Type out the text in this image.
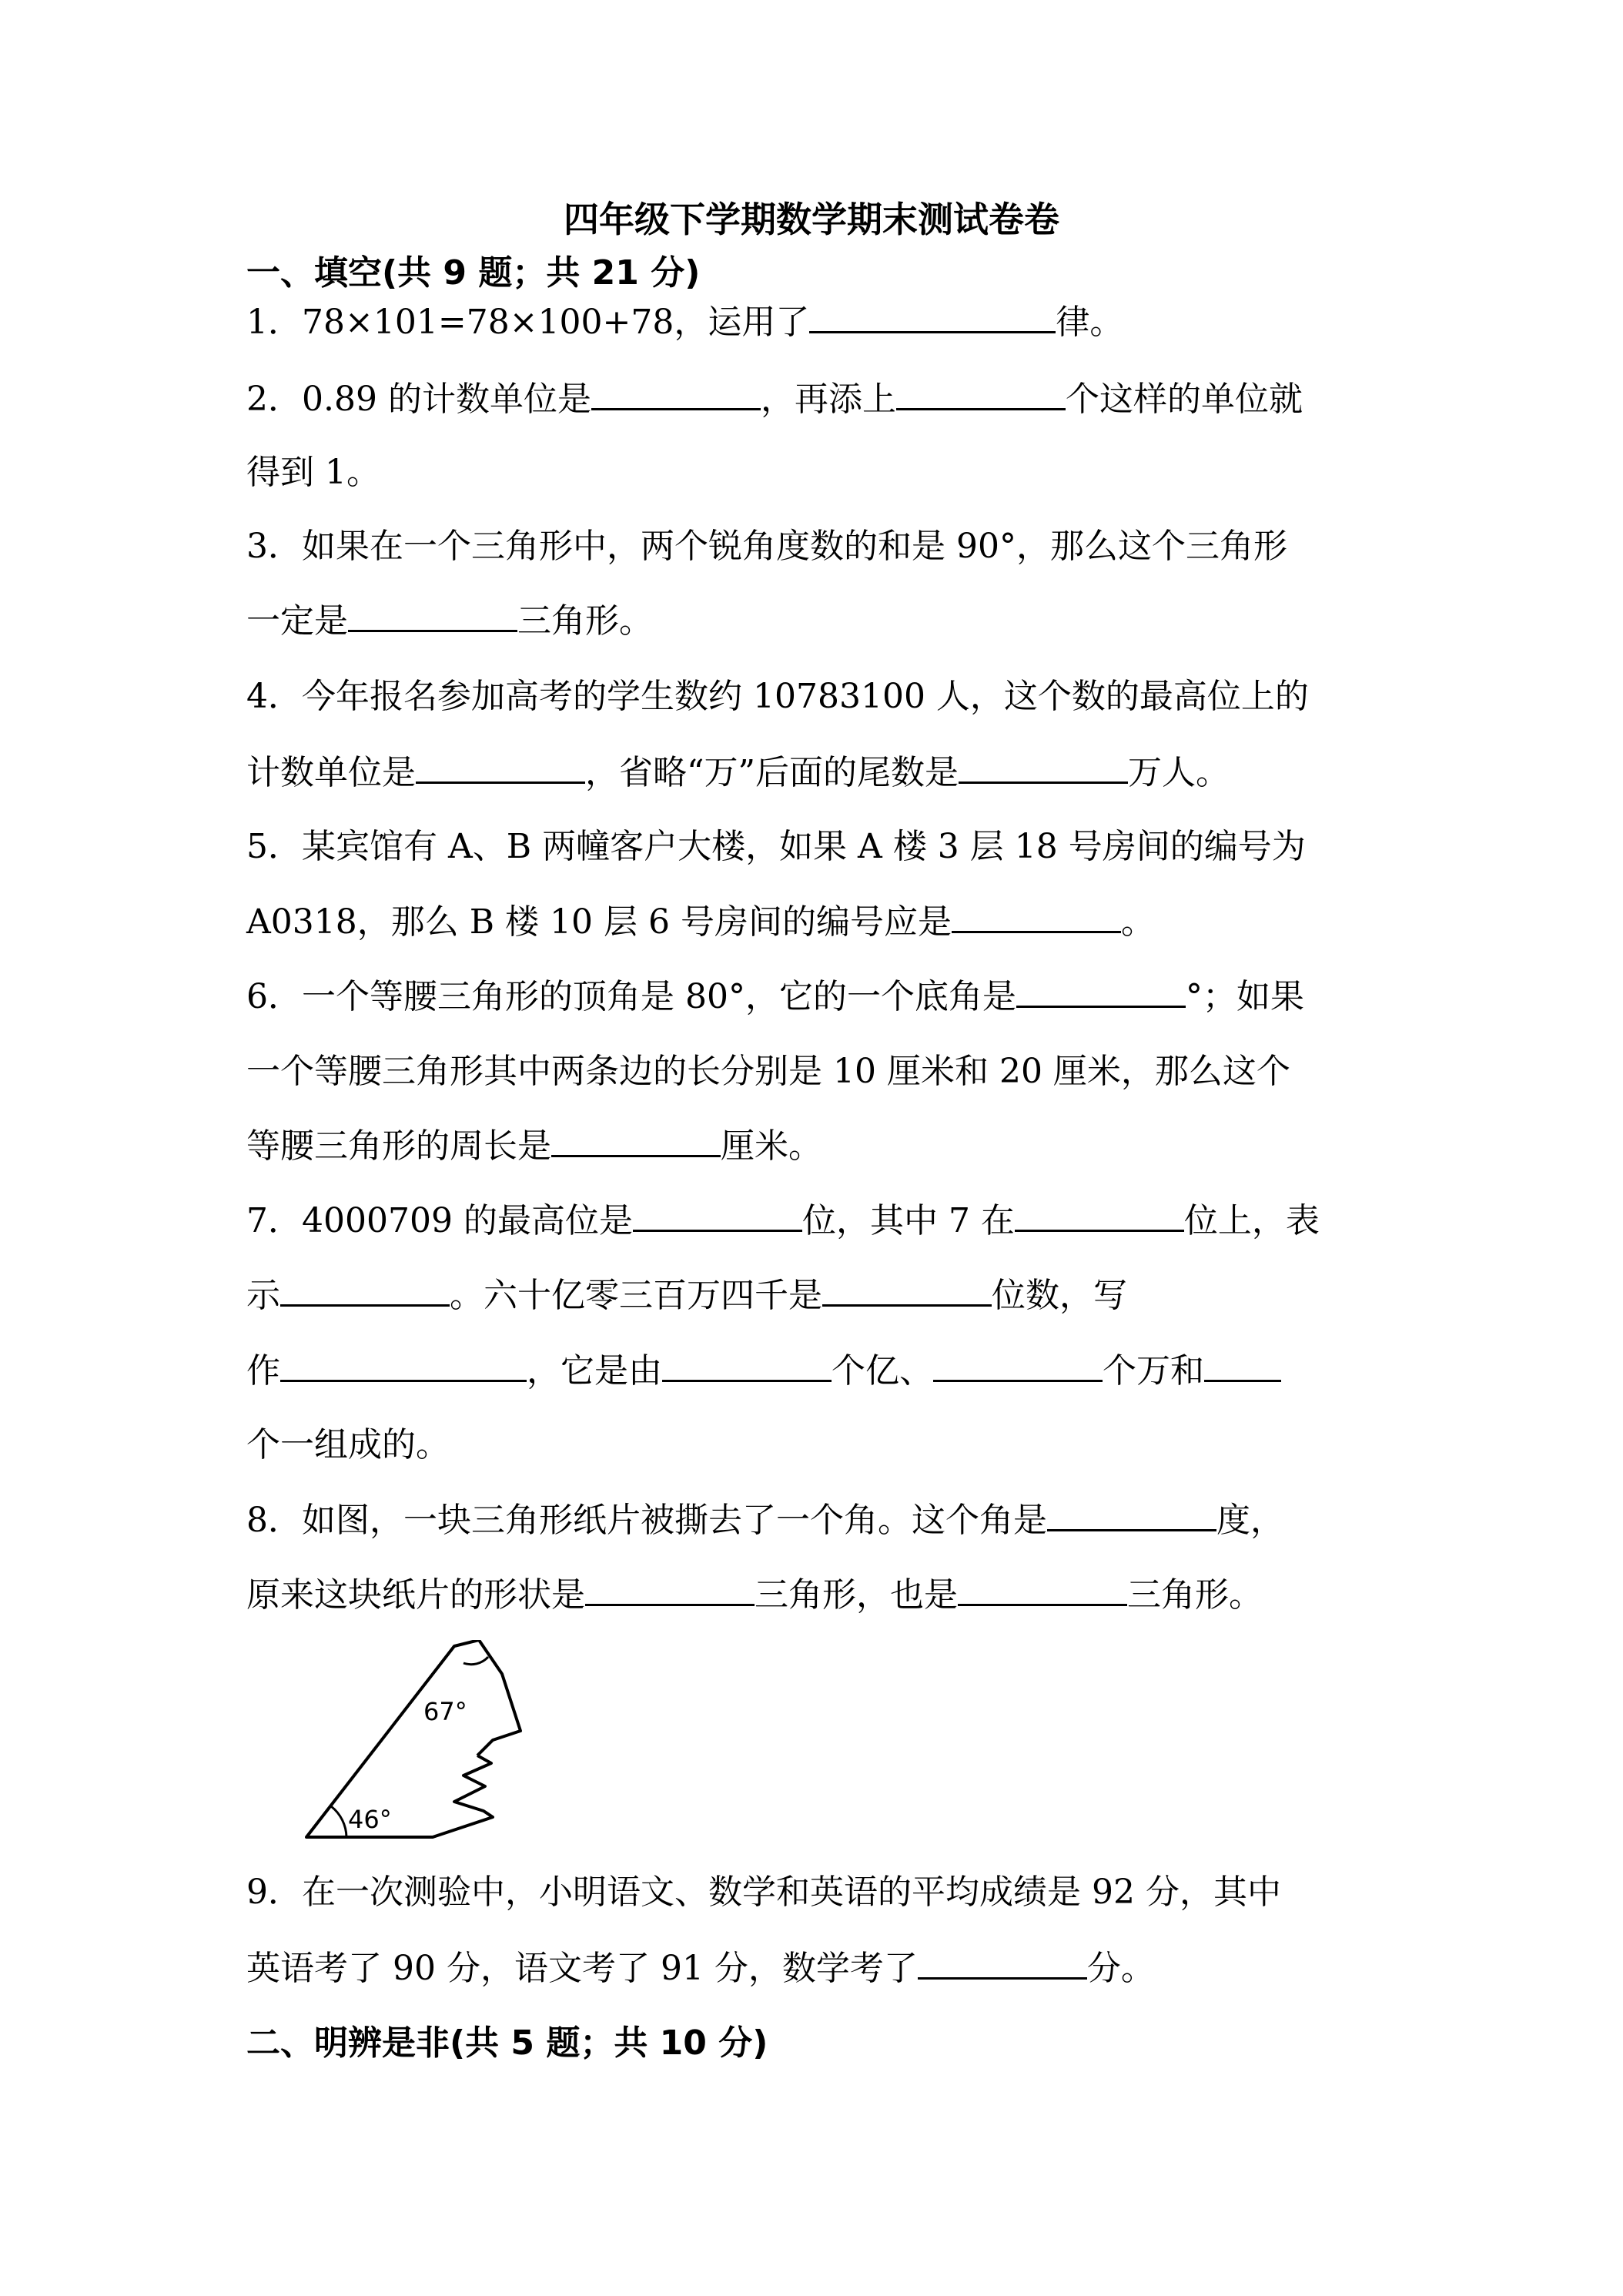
四年级下学期数学期末测试卷卷
一、填空(共 9 题；共 21 分)
1．78×101=78×100+78，运用了	律。
2．0.89 的计数单位是	，再添上	个这样的单位就
得到 1。
3．如果在一个三角形中，两个锐角度数的和是 90°，那么这个三角形
一定是	三角形。
4．今年报名参加高考的学生数约 10783100 人，这个数的最高位上的
计数单位是	，省略“万”后面的尾数是	万人。
5．某宾馆有 A、B 两幢客户大楼，如果 A 楼 3 层 18 号房间的编号为
A0318，那么 B 楼 10 层 6 号房间的编号应是	。
6．一个等腰三角形的顶角是 80°，它的一个底角是	°；如果
一个等腰三角形其中两条边的长分别是 10 厘米和 20 厘米，那么这个
等腰三角形的周长是	厘米。
7．4000709 的最高位是	位，其中 7 在	位上，表
示	。六十亿零三百万四千是	位数，写
作	，它是由	个亿、	个万和
个一组成的。
8．如图，一块三角形纸片被撕去了一个角。这个角是	度，
原来这块纸片的形状是	三角形，也是	三角形。
67°
46°
9．在一次测验中，小明语文、数学和英语的平均成绩是 92 分，其中
英语考了 90 分，语文考了 91 分，数学考了	分。
二、明辨是非(共 5 题；共 10 分)
